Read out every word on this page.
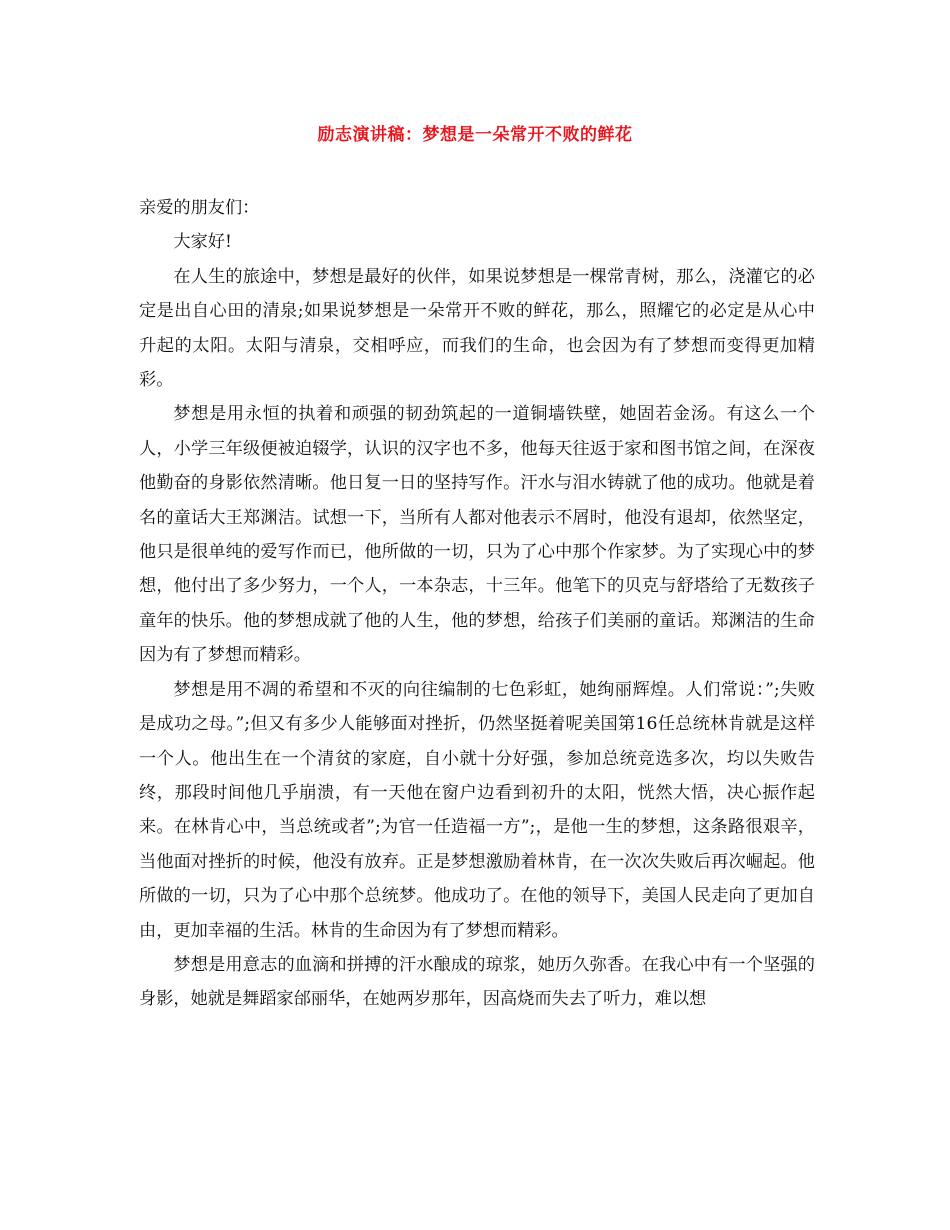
励志演讲稿：梦想是一朵常开不败的鲜花

亲爱的朋友们：

大家好!

在人生的旅途中，梦想是最好的伙伴，如果说梦想是一棵常青树，那么，浇灌它的必定是出自心田的清泉;如果说梦想是一朵常开不败的鲜花，那么，照耀它的必定是从心中升起的太阳。太阳与清泉，交相呼应，而我们的生命，也会因为有了梦想而变得更加精彩。

梦想是用永恒的执着和顽强的韧劲筑起的一道铜墙铁壁，她固若金汤。有这么一个人，小学三年级便被迫辍学，认识的汉字也不多，他每天往返于家和图书馆之间，在深夜他勤奋的身影依然清晰。他日复一日的坚持写作。汗水与泪水铸就了他的成功。他就是着名的童话大王郑渊洁。试想一下，当所有人都对他表示不屑时，他没有退却，依然坚定，他只是很单纯的爱写作而已，他所做的一切，只为了心中那个作家梦。为了实现心中的梦想，他付出了多少努力，一个人，一本杂志，十三年。他笔下的贝克与舒塔给了无数孩子童年的快乐。他的梦想成就了他的人生，他的梦想，给孩子们美丽的童话。郑渊洁的生命因为有了梦想而精彩。

梦想是用不凋的希望和不灭的向往编制的七色彩虹，她绚丽辉煌。人们常说：”;失败是成功之母。”;但又有多少人能够面对挫折，仍然坚挺着呢美国第16任总统林肯就是这样一个人。他出生在一个清贫的家庭，自小就十分好强，参加总统竞选多次，均以失败告终，那段时间他几乎崩溃，有一天他在窗户边看到初升的太阳，恍然大悟，决心振作起来。在林肯心中，当总统或者”;为官一任造福一方”;，是他一生的梦想，这条路很艰辛，当他面对挫折的时候，他没有放弃。正是梦想激励着林肯，在一次次失败后再次崛起。他所做的一切，只为了心中那个总统梦。他成功了。在他的领导下，美国人民走向了更加自由，更加幸福的生活。林肯的生命因为有了梦想而精彩。

梦想是用意志的血滴和拼搏的汗水酿成的琼浆，她历久弥香。在我心中有一个坚强的身影，她就是舞蹈家邰丽华，在她两岁那年，因高烧而失去了听力，难以想
